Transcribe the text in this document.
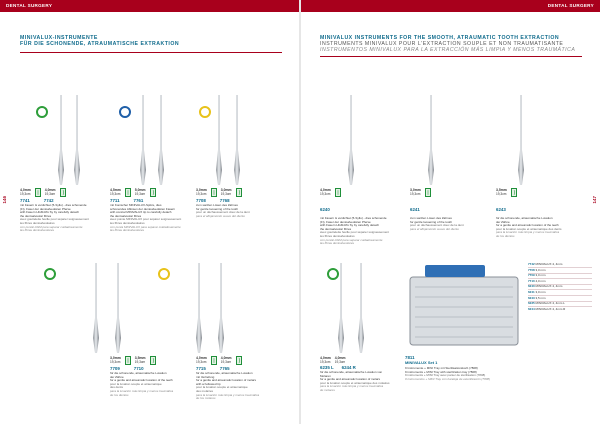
DENTAL SURGERY	DENTAL SURGERY
146	147
MINIVALUX-INSTRUMENTE
FÜR DIE SCHONENDE, ATRAUMATISCHE EXTRAKTION
MINIVALUX INSTRUMENTS FOR THE SMOOTH, ATRAUMATIC TOOTH EXTRACTION
INSTRUMENTS MINIVALUX POUR L'EXTRACTION SOUPLE ET NON TRAUMATISANTE
INSTRUMENTOS MINIVALUX PARA LA EXTRACCIÓN MÁS LIMPIA Y MENOS TRAUMÁTICA
4,0mm
19,3cm
4,0mm
19,3cm
7741	7742
mit Fasern & verdichtet (5-Syllu) - dies schonende
(Fi), Faser der dentoalveolären Pferse
with Fasern HGM-RG Sy by carefully detach
the dentoalveolar fibres
avec gouttelette feuille pour séparer soigneusement
les fibres dentoalvéolaires
con puntal HGM para separar cuidadosamente
las fibras dentoalveolares
4,5mm
19,3cm
5,0mm
19,3cm
7711	7761
mit Konischer MINIVALUX-Spitze, dies
schonendes Ablösen der dentoalveolären Fasern
with conical MINIVALUX tip to carefully detach
the dentoalveolar fibres
avec pointe MINIVALUX pour séparer soigneusement
les fibres dentoalvéolaires
con punta MINIVALUX para separar cuidadosamente
las fibras dentoalveolares
3,0mm
19,3cm
3,0mm
19,3cm
7708	7768
zum sanften Lösen des Zahnes
for gentle loosening of the tooth
pour un déchaussement doux de la dent
para el aflojamiento suave del diente
3,0mm
19,3cm
3,5mm
19,3cm
7709	7710
für die schonende, atraumatische Luxation
der Zähne
for a gentle and atraumatic luxation of the teeth
pour la luxation souple et atraumatique
des dents
para la luxación más limpia y menos traumática
de los dientes
4,0mm
19,3cm
4,0mm
19,3cm
7715	7765
für die schonende, atraumatische Luxation
mit Vertiefung
for a gentle and atraumatic luxation of molars
with a hollowed tip
pour la luxation souple et atraumatique
des molaires
para la luxación más limpia y menos traumática
de los molares
4,0mm
19,3cm
6240
mit Fasern & verdichtet (5-Syllu) - dies schonende
(Fi), Faser der dentoalveolären Pferse
with Fasern HGM-RG Sy by carefully detach
the dentoalveolar fibres
avec gouttelette feuille pour séparer soigneusement
les fibres dentoalvéolaires
con puntal HGM para separar cuidadosamente
las fibras dentoalveolares
3,0mm
19,3cm
6241
zum sanften Lösen des Zahnes
for gentle loosening of the tooth
pour un déchaussement doux de la dent
para el aflojamiento suave del diente
3,5mm
19,3cm
6243
für die schonende, atraumatische Luxation
der Zähne
for a gentle and atraumatic luxation of the teeth
pour la luxation souple et atraumatique des dents
para la luxación más limpia y menos traumática
de los dientes
4,0mm
19,3cm
4,0mm
19,3cm
6235 L 6244 R
für die schonende, atraumatische Luxation von
Molaren
for a gentle and atraumatic luxation of molars
pour la luxation souple et atraumatique des molaires
para la luxación más limpia y menos traumática
de molares
7811
MINIVALUX Set 1
9 Instrumente + MINI Tray mit Sterilisationskorb (7808)
9 instruments + MINI Tray with sterilization tray (7808)
9 instruments + MINI Tray avec panier de stérilisation (7808)
9 instrumentos + MINI Tray con bandeja de esterilización (7808)
7742 MINIVALUX 4, 4mm
7708 3,0 mm
7709 3,0 mm
7710 4,0 mm
6240 MINIVALUX 4, 4mm
6241 3,0 mm
6243 3,5 mm
6235 MINIVALUX 4, 4mm L
6244 MINIVALUX 4, 4mm R
